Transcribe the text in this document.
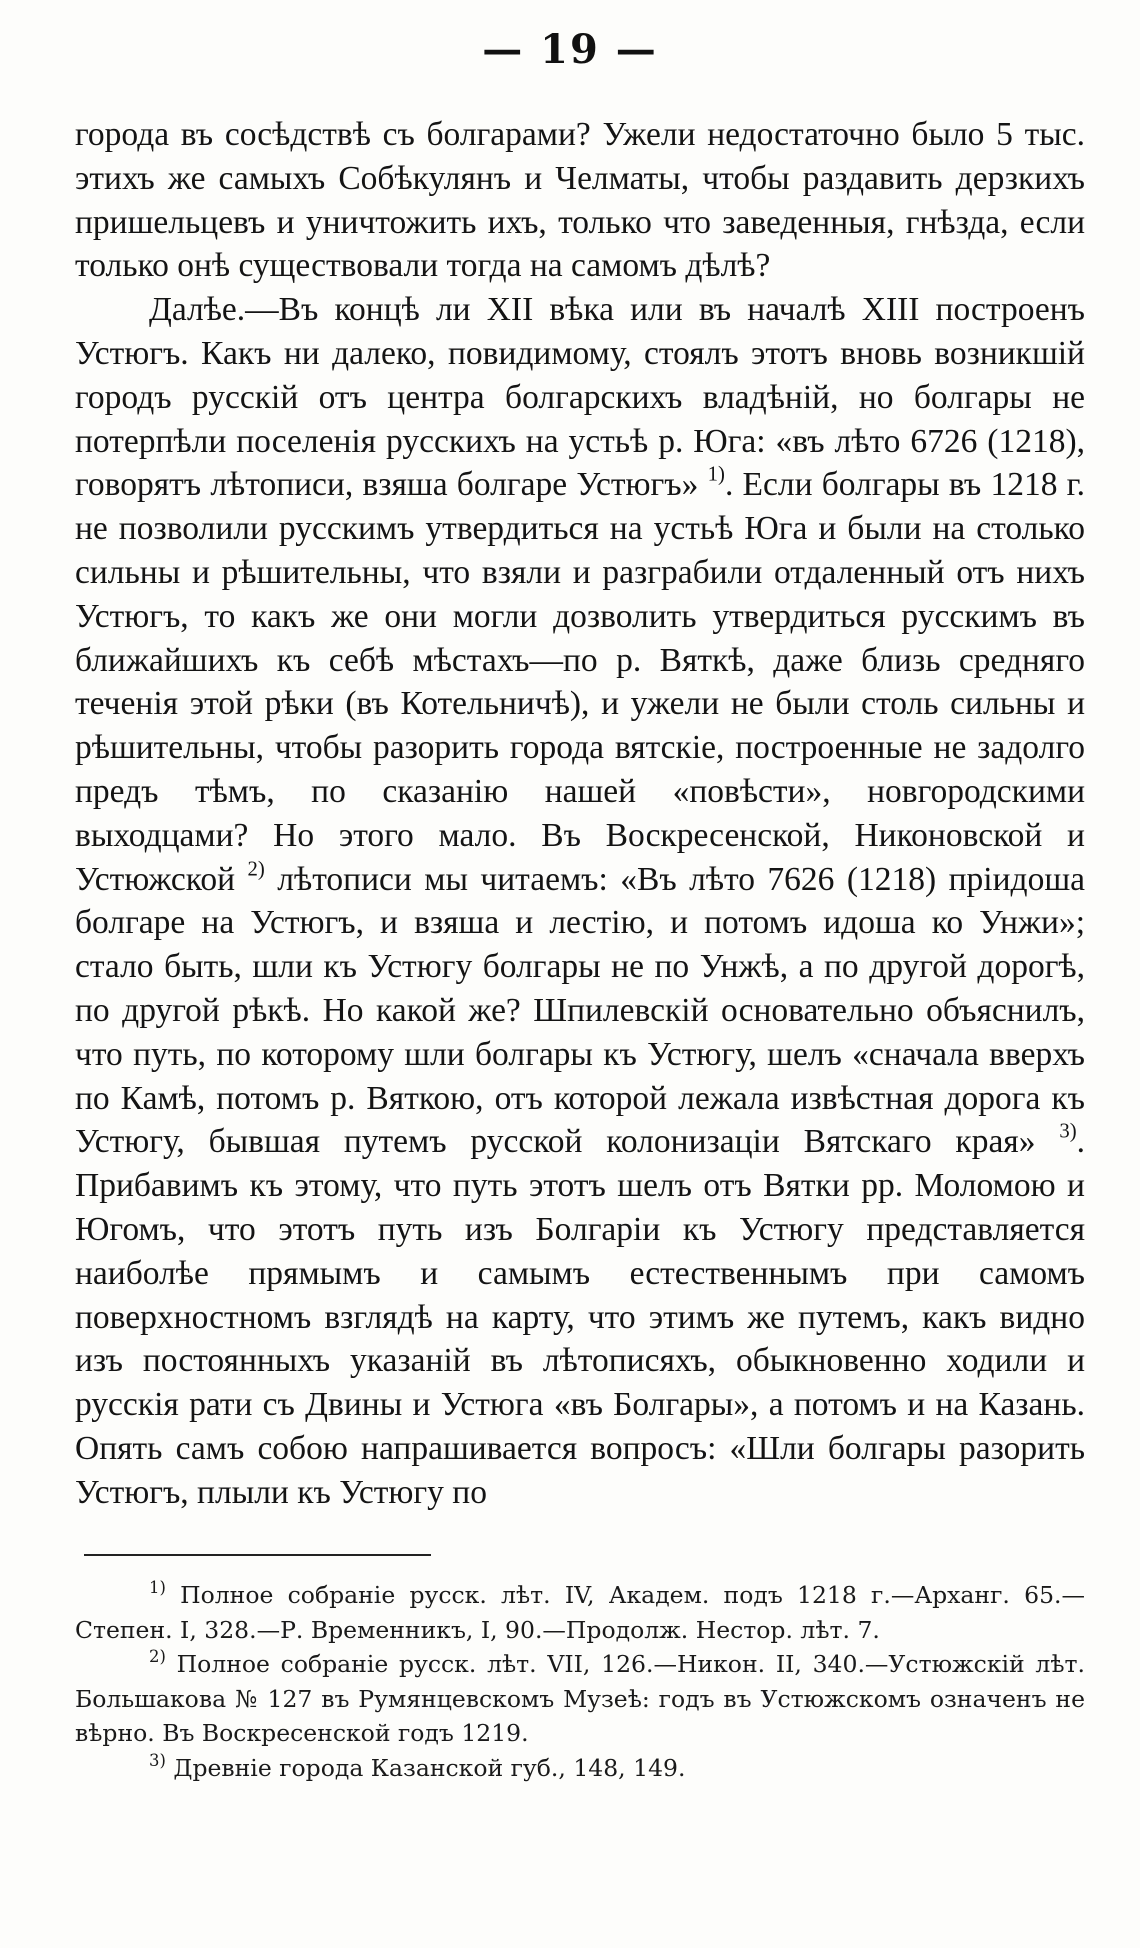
— 19 —

города въ сосѣдствѣ съ болгарами? Ужели недостаточно было 5 тыс. этихъ же самыхъ Собѣкулянъ и Челматы, чтобы раздавить дерзкихъ пришельцевъ и уничтожить ихъ, только что заведенныя, гнѣзда, если только онѣ существовали тогда на самомъ дѣлѣ?

Далѣе.—Въ концѣ ли XII вѣка или въ началѣ XIII построенъ Устюгъ. Какъ ни далеко, повидимому, стоялъ этотъ вновь возникшій городъ русскій отъ центра болгарскихъ владѣній, но болгары не потерпѣли поселенія русскихъ на устьѣ р. Юга: «въ лѣто 6726 (1218), говорятъ лѣтописи, взяша болгаре Устюгъ» $^{1)}$. Если болгары въ 1218 г. не позволили русскимъ утвердиться на устьѣ Юга и были на столько сильны и рѣшительны, что взяли и разграбили отдаленный отъ нихъ Устюгъ, то какъ же они могли дозволить утвердиться русскимъ въ ближайшихъ къ себѣ мѣстахъ—по р. Вяткѣ, даже близь средняго теченія этой рѣки (въ Котельничѣ), и ужели не были столь сильны и рѣшительны, чтобы разорить города вятскіе, построенные не задолго предъ тѣмъ, по сказанію нашей «повѣсти», новгородскими выходцами? Но этого мало. Въ Воскресенской, Никоновской и Устюжской $^{2)}$ лѣтописи мы читаемъ: «Въ лѣто 7626 (1218) пріидоша болгаре на Устюгъ, и взяша и лестію, и потомъ идоша ко Унжи»; стало быть, шли къ Устюгу болгары не по Унжѣ, а по другой дорогѣ, по другой рѣкѣ. Но какой же? Шпилевскій основательно объяснилъ, что путь, по которому шли болгары къ Устюгу, шелъ «сначала вверхъ по Камѣ, потомъ р. Вяткою, отъ которой лежала извѣстная дорога къ Устюгу, бывшая путемъ русской колонизаціи Вятскаго края» $^{3)}$. Прибавимъ къ этому, что путь этотъ шелъ отъ Вятки рр. Моломою и Югомъ, что этотъ путь изъ Болгаріи къ Устюгу представляется наиболѣе прямымъ и самымъ естественнымъ при самомъ поверхностномъ взглядѣ на карту, что этимъ же путемъ, какъ видно изъ постоянныхъ указаній въ лѣтописяхъ, обыкновенно ходили и русскія рати съ Двины и Устюга «въ Болгары», а потомъ и на Казань. Опять самъ собою напрашивается вопросъ: «Шли болгары разорить Устюгъ, плыли къ Устюгу по

$^{1)}$ Полное собраніе русск. лѣт. IV, Академ. подъ 1218 г.—Арханг. 65.—Степен. I, 328.—Р. Временникъ, I, 90.—Продолж. Нестор. лѣт. 7.

$^{2)}$ Полное собраніе русск. лѣт. VII, 126.—Никон. II, 340.—Устюжскій лѣт. Большакова № 127 въ Румянцевскомъ Музеѣ: годъ въ Устюжскомъ означенъ не вѣрно. Въ Воскресенской годъ 1219.

$^{3)}$ Древніе города Казанской губ., 148, 149.
